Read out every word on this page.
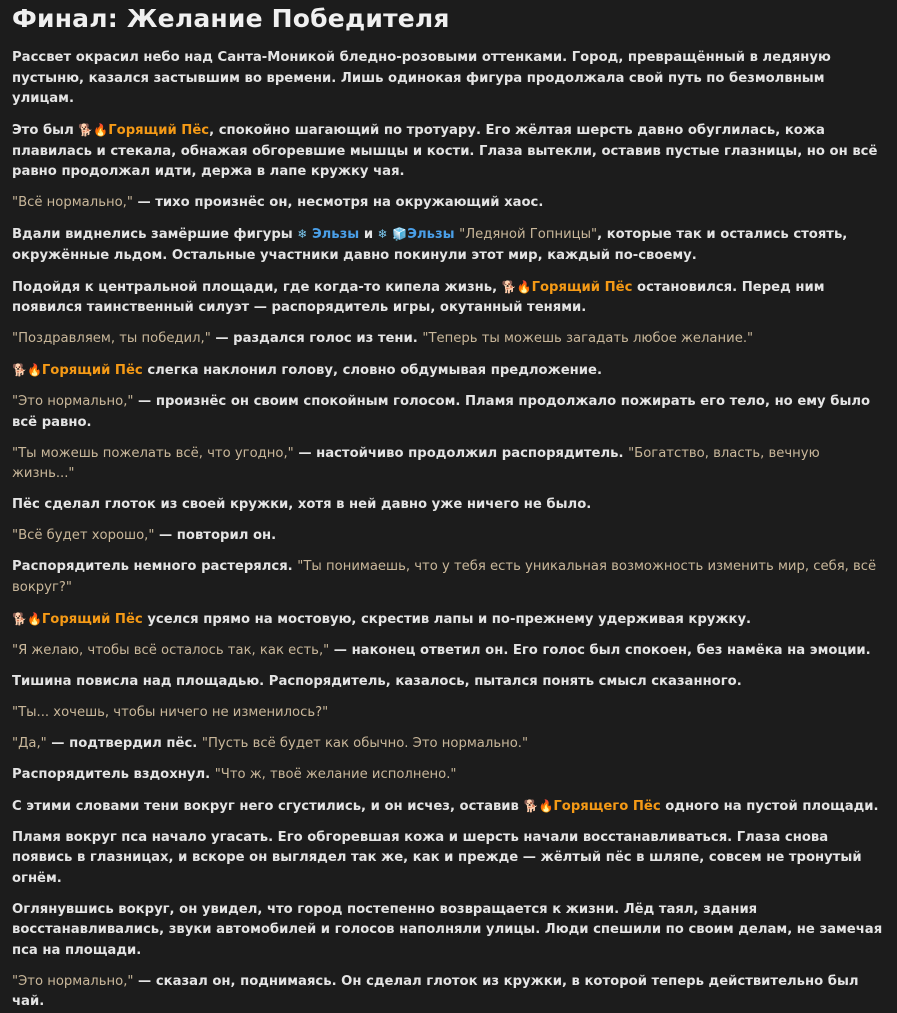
Финал: Желание Победителя

Рассвет окрасил небо над Санта-Моникой бледно-розовыми оттенками. Город, превращённый в ледяную пустыню, казался застывшим во времени. Лишь одинокая фигура продолжала свой путь по безмолвным улицам.

Это был 🐕🔥Горящий Пёс, спокойно шагающий по тротуару. Его жёлтая шерсть давно обуглилась, кожа плавилась и стекала, обнажая обгоревшие мышцы и кости. Глаза вытекли, оставив пустые глазницы, но он всё равно продолжал идти, держа в лапе кружку чая.

"Всё нормально," — тихо произнёс он, несмотря на окружающий хаос.

Вдали виднелись замёршие фигуры ❄ Эльзы и ❄ 🧊Эльзы "Ледяной Гопницы", которые так и остались стоять, окружённые льдом. Остальные участники давно покинули этот мир, каждый по-своему.

Подойдя к центральной площади, где когда-то кипела жизнь, 🐕🔥Горящий Пёс остановился. Перед ним появился таинственный силуэт — распорядитель игры, окутанный тенями.

"Поздравляем, ты победил," — раздался голос из тени. "Теперь ты можешь загадать любое желание."

🐕🔥Горящий Пёс слегка наклонил голову, словно обдумывая предложение.

"Это нормально," — произнёс он своим спокойным голосом. Пламя продолжало пожирать его тело, но ему было всё равно.

"Ты можешь пожелать всё, что угодно," — настойчиво продолжил распорядитель. "Богатство, власть, вечную жизнь..."

Пёс сделал глоток из своей кружки, хотя в ней давно уже ничего не было.

"Всё будет хорошо," — повторил он.

Распорядитель немного растерялся. "Ты понимаешь, что у тебя есть уникальная возможность изменить мир, себя, всё вокруг?"

🐕🔥Горящий Пёс уселся прямо на мостовую, скрестив лапы и по-прежнему удерживая кружку.

"Я желаю, чтобы всё осталось так, как есть," — наконец ответил он. Его голос был спокоен, без намёка на эмоции.

Тишина повисла над площадью. Распорядитель, казалось, пытался понять смысл сказанного.

"Ты... хочешь, чтобы ничего не изменилось?"

"Да," — подтвердил пёс. "Пусть всё будет как обычно. Это нормально."

Распорядитель вздохнул. "Что ж, твоё желание исполнено."

С этими словами тени вокруг него сгустились, и он исчез, оставив 🐕🔥Горящего Пёс одного на пустой площади.

Пламя вокруг пса начало угасать. Его обгоревшая кожа и шерсть начали восстанавливаться. Глаза снова появись в глазницах, и вскоре он выглядел так же, как и прежде — жёлтый пёс в шляпе, совсем не тронутый огнём.

Оглянувшись вокруг, он увидел, что город постепенно возвращается к жизни. Лёд таял, здания восстанавливались, звуки автомобилей и голосов наполняли улицы. Люди спешили по своим делам, не замечая пса на площади.

"Это нормально," — сказал он, поднимаясь. Он сделал глоток из кружки, в которой теперь действительно был чай.
